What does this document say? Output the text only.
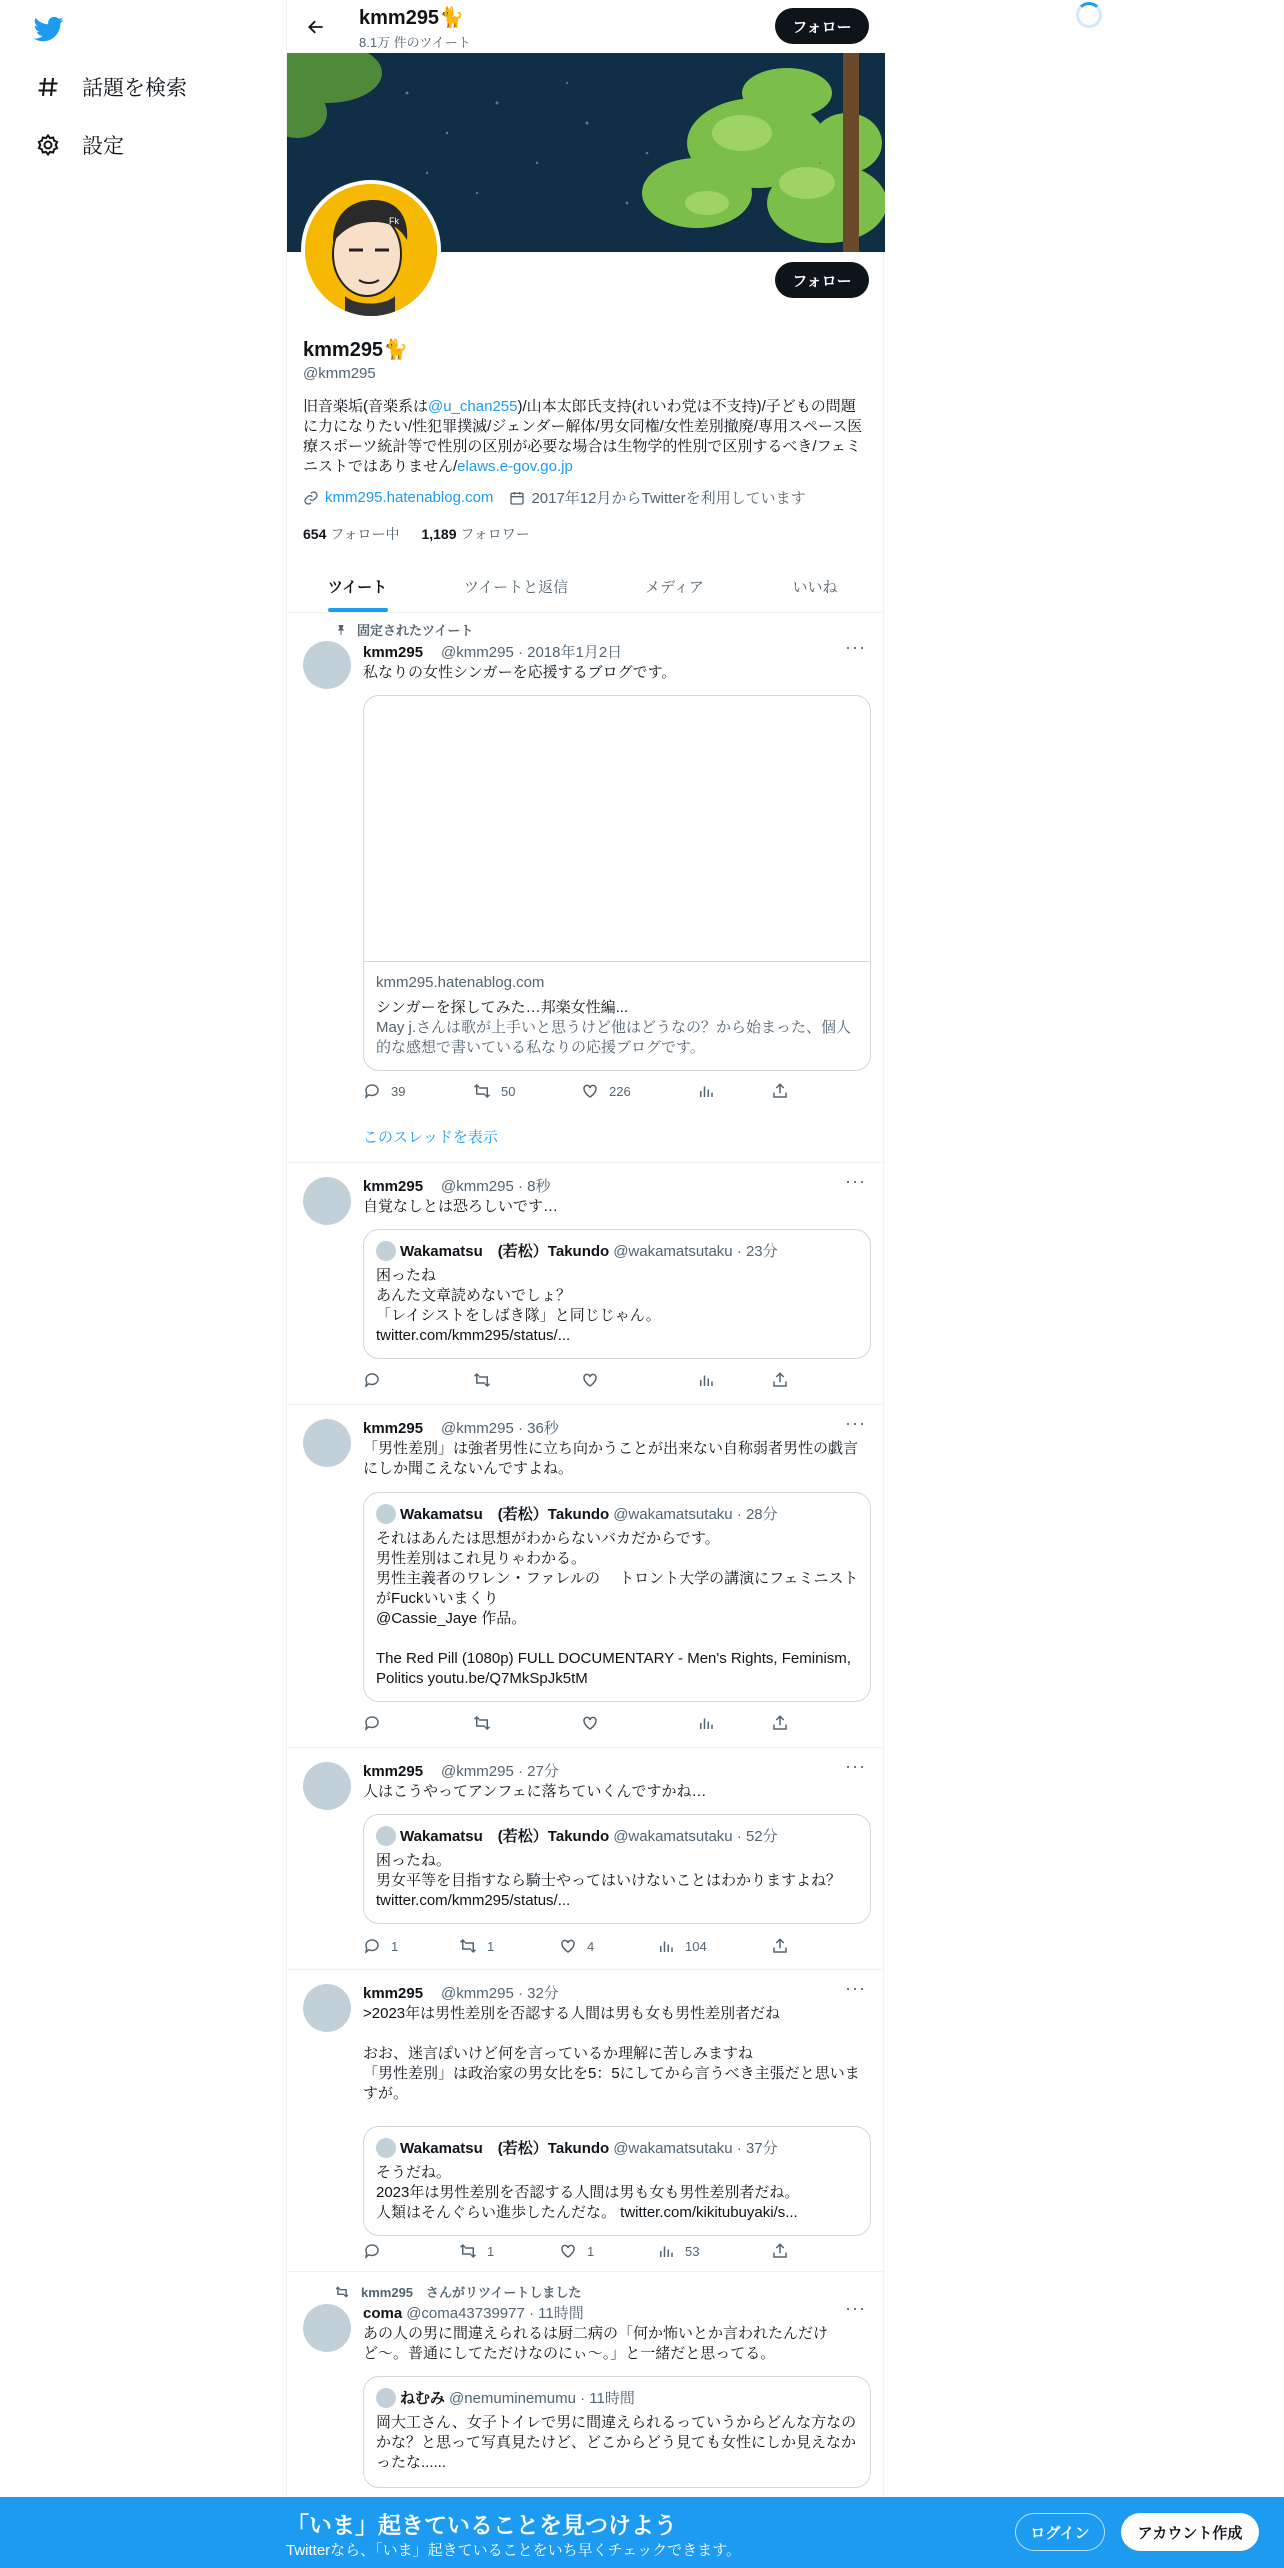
話題を検索
設定
kmm295🐈
8.1万 件のツイート
フォロー
Fk
フォロー
kmm295🐈
@kmm295
旧音楽垢(音楽系は@u_chan255)/山本太郎氏支持(れいわ党は不支持)/子どもの問題に力になりたい/性犯罪撲滅/ジェンダー解体/男女同権/女性差別撤廃/専用スペース医療スポーツ統計等で性別の区別が必要な場合は生物学的性別で区別するべき/フェミニストではありません/elaws.e-gov.go.jp
kmm295.hatenablog.com	2017年12月からTwitterを利用しています
654 フォロー中 1,189 フォロワー
ツイート	ツイートと返信	メディア	いいね
固定されたツイート
kmm295 @kmm295 · 2018年1月2日	···
私なりの女性シンガーを応援するブログです。
kmm295.hatenablog.com
シンガーを探してみた…邦楽女性編...
May j.さんは歌が上手いと思うけど他はどうなの？から始まった、個人的な感想で書いている私なりの応援ブログです。
39	50	226
このスレッドを表示
kmm295 @kmm295 · 8秒	···
自覚なしとは恐ろしいです…
Wakamatsu　(若松）Takundo @wakamatsutaku · 23分
困ったね
あんた文章読めないでしょ？
「レイシストをしばき隊」と同じじゃん。
twitter.com/kmm295/status/...
kmm295 @kmm295 · 36秒	···
「男性差別」は強者男性に立ち向かうことが出来ない自称弱者男性の戯言にしか聞こえないんですよね。
Wakamatsu　(若松）Takundo @wakamatsutaku · 28分
それはあんたは思想がわからないバカだからです。
男性差別はこれ見りゃわかる。
男性主義者のワレン・ファレルの　 トロント大学の講演にフェミニストがFuckいいまくり
@Cassie_Jaye 作品。

The Red Pill (1080p) FULL DOCUMENTARY - Men's Rights, Feminism, Politics youtu.be/Q7MkSpJk5tM
kmm295 @kmm295 · 27分	···
人はこうやってアンフェに落ちていくんですかね…
Wakamatsu　(若松）Takundo @wakamatsutaku · 52分
困ったね。
男女平等を目指すなら騎士やってはいけないことはわかりますよね？
twitter.com/kmm295/status/...
1	1	4	104
kmm295 @kmm295 · 32分	···
>2023年は男性差別を否認する人間は男も女も男性差別者だね

おお、迷言ぽいけど何を言っているか理解に苦しみますね
「男性差別」は政治家の男女比を5：5にしてから言うべき主張だと思いますが。
Wakamatsu　(若松）Takundo @wakamatsutaku · 37分
そうだね。
2023年は男性差別を否認する人間は男も女も男性差別者だね。
人類はそんぐらい進歩したんだな。 twitter.com/kikitubuyaki/s...
1	1	53
kmm295　さんがリツイートしました
coma @coma43739977 · 11時間	···
あの人の男に間違えられるは厨二病の「何か怖いとか言われたんだけど〜。普通にしてただけなのにぃ〜。」と一緒だと思ってる。
ねむみ @nemuminemumu · 11時間
岡大工さん、女子トイレで男に間違えられるっていうからどんな方なのかな？と思って写真見たけど、どこからどう見ても女性にしか見えなかったな......
「いま」起きていることを見つけよう
Twitterなら、「いま」起きていることをいち早くチェックできます。
ログイン	アカウント作成
